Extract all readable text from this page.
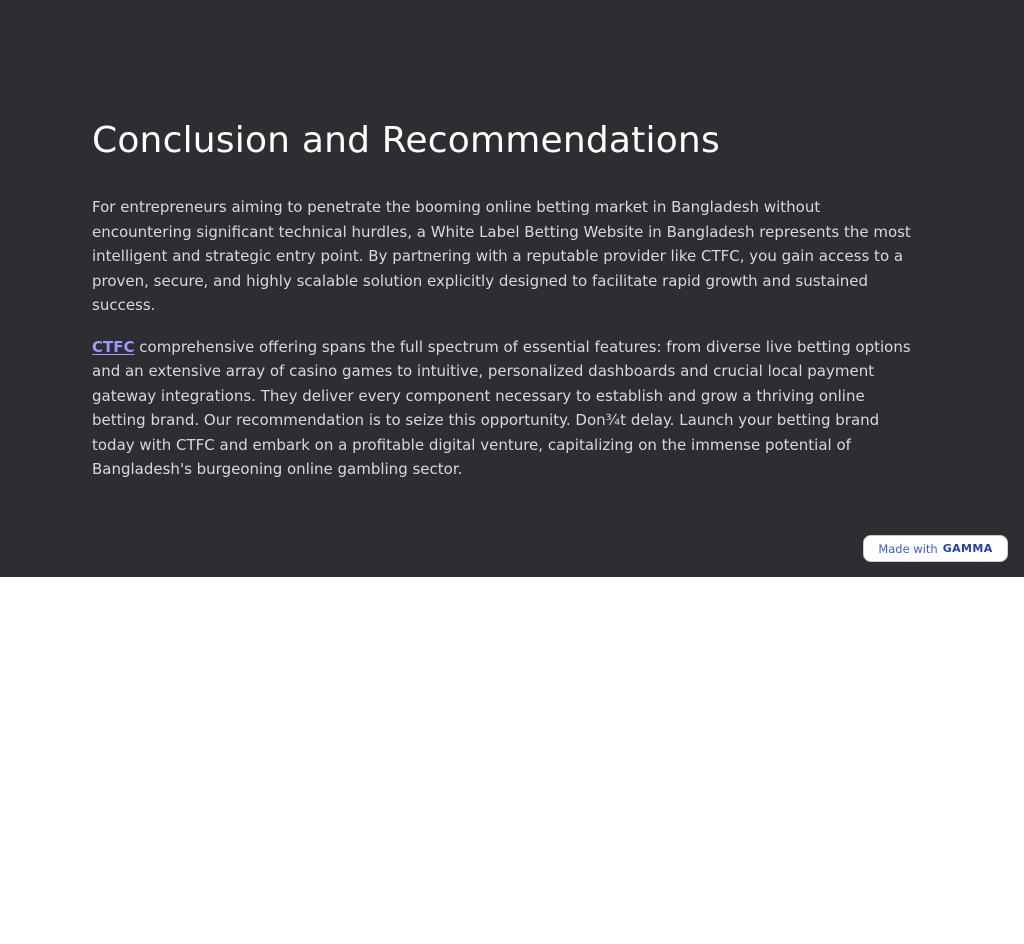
Conclusion and Recommendations

For entrepreneurs aiming to penetrate the booming online betting market in Bangladesh without encountering significant technical hurdles, a White Label Betting Website in Bangladesh represents the most intelligent and strategic entry point. By partnering with a reputable provider like CTFC, you gain access to a proven, secure, and highly scalable solution explicitly designed to facilitate rapid growth and sustained success.

CTFC comprehensive offering spans the full spectrum of essential features: from diverse live betting options and an extensive array of casino games to intuitive, personalized dashboards and crucial local payment gateway integrations. They deliver every component necessary to establish and grow a thriving online betting brand. Our recommendation is to seize this opportunity. Don¾t delay. Launch your betting brand today with CTFC and embark on a profitable digital venture, capitalizing on the immense potential of Bangladesh's burgeoning online gambling sector.

Made with GAMMA
